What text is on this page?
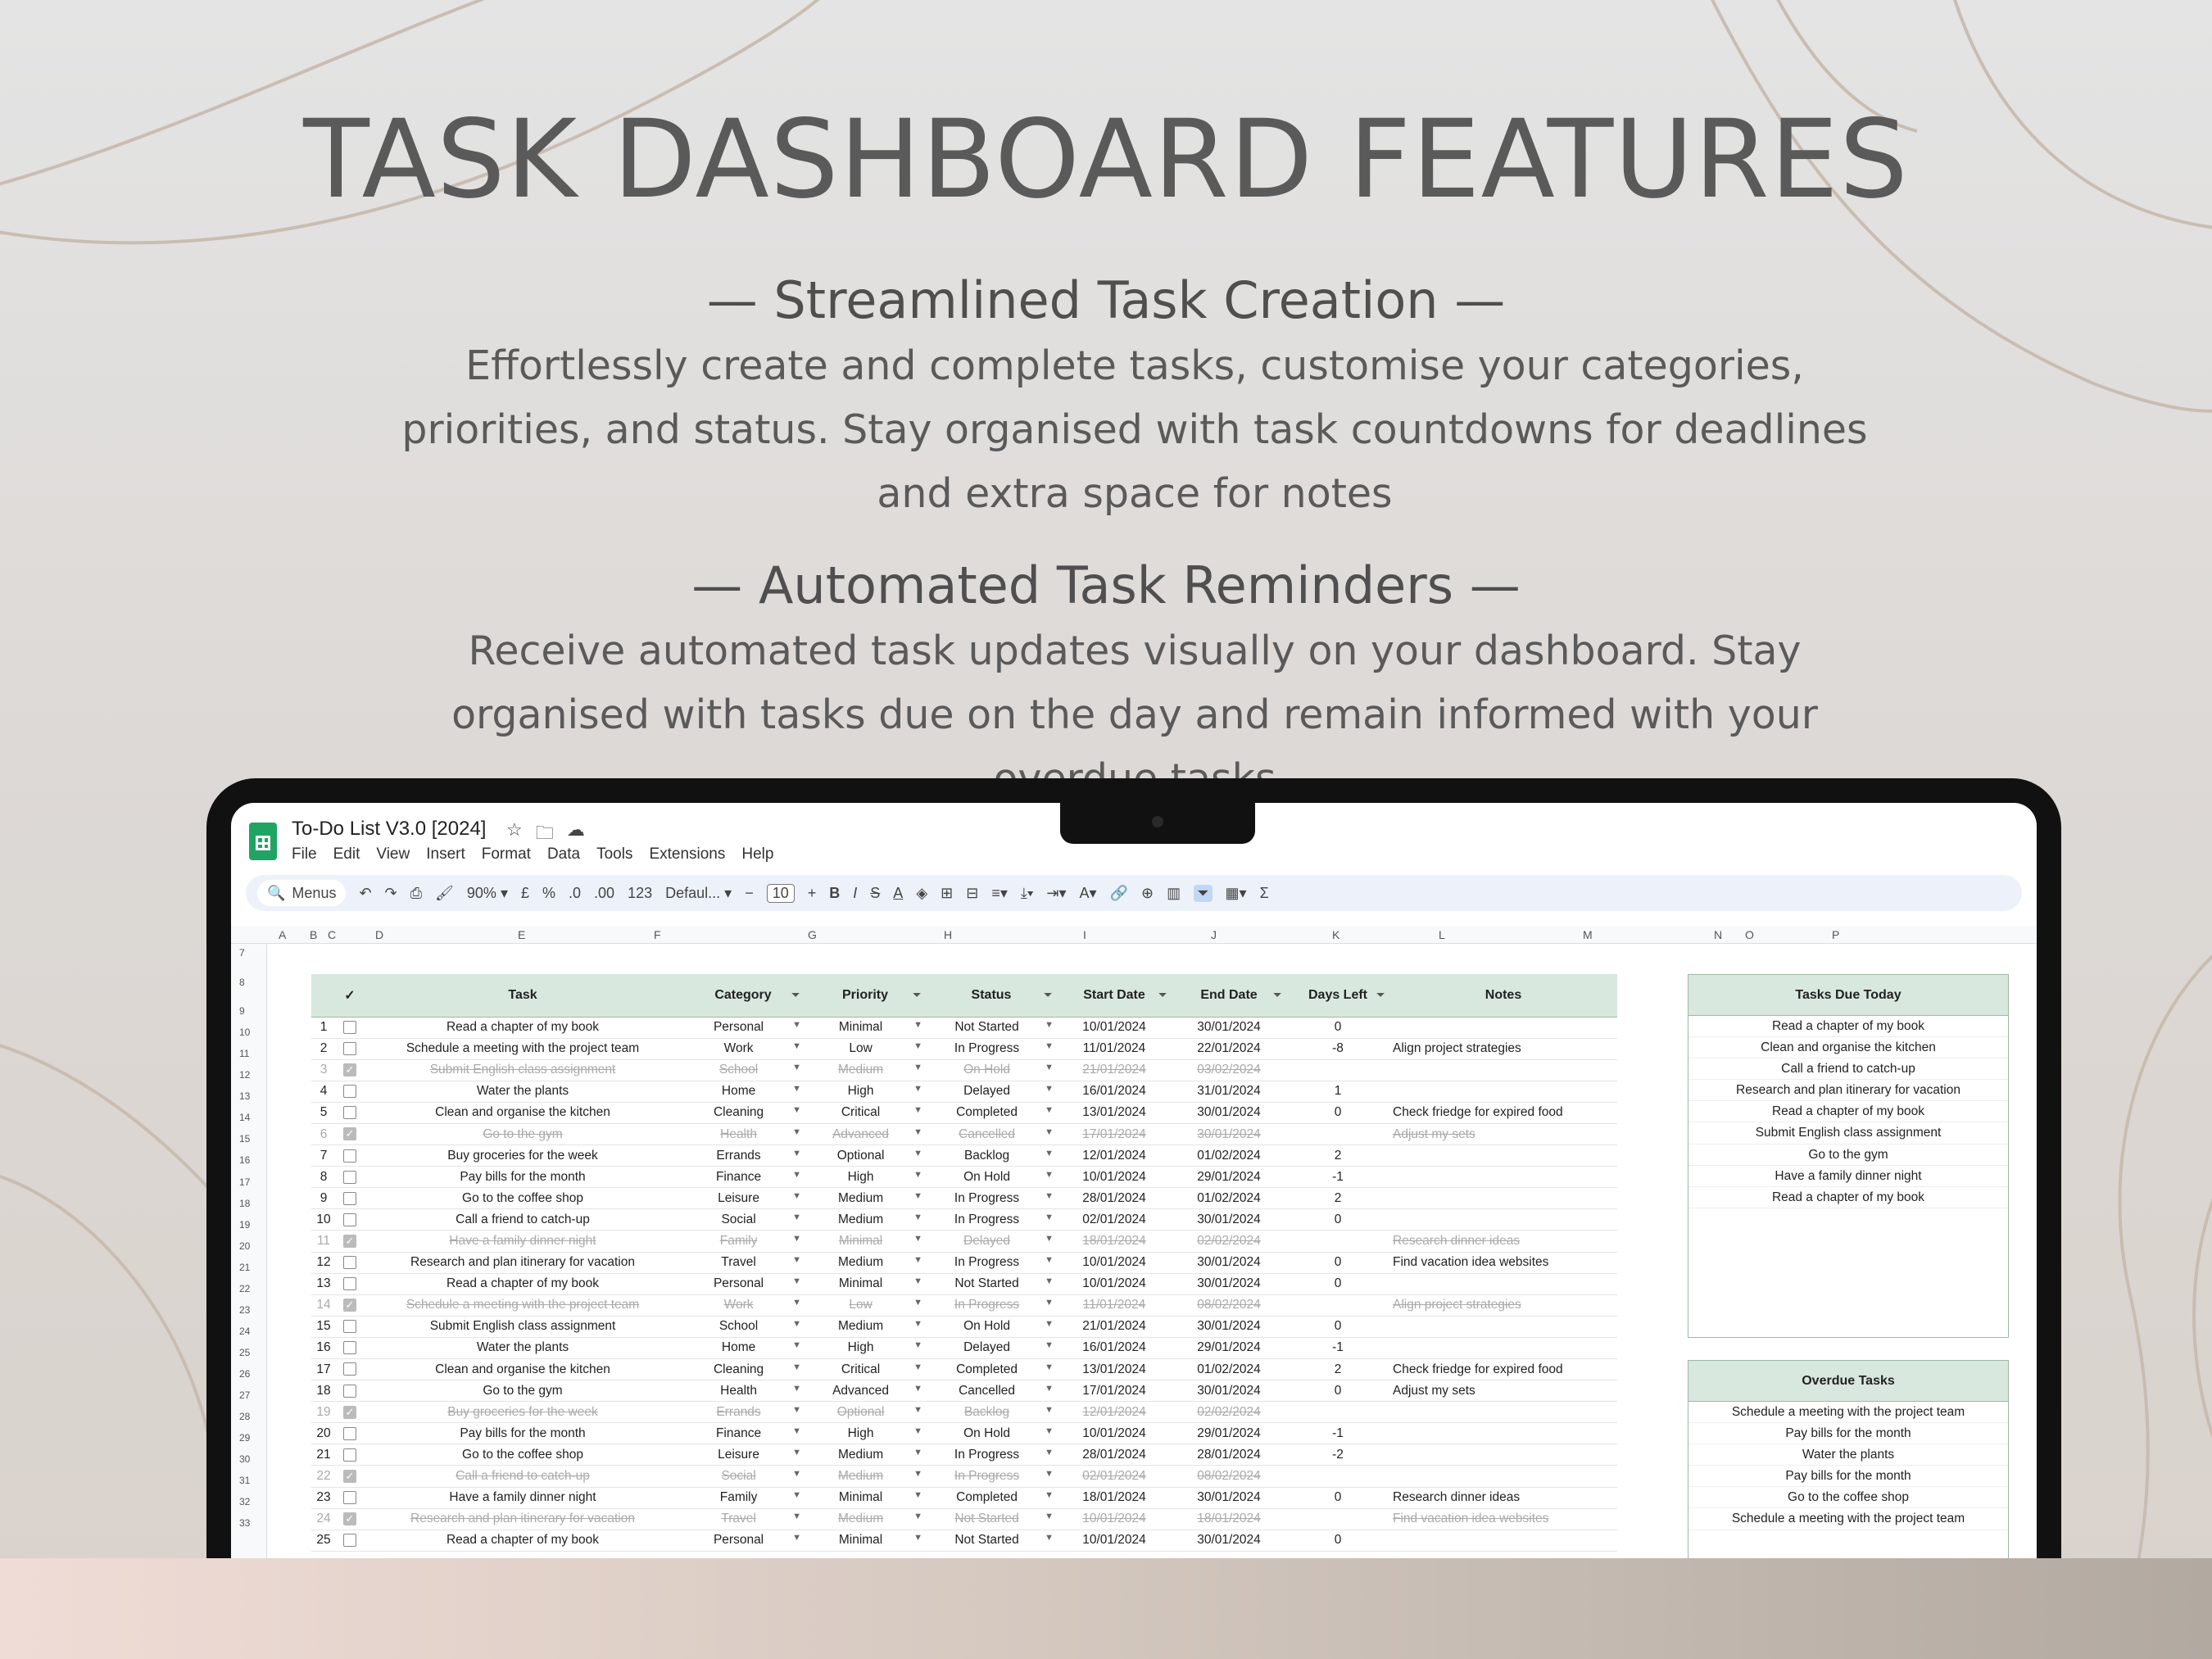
TASK DASHBOARD FEATURES
— Streamlined Task Creation —
Effortlessly create and complete tasks, customise your categories, priorities, and status. Stay organised with task countdowns for deadlines and extra space for notes
— Automated Task Reminders —
Receive automated task updates visually on your dashboard. Stay organised with tasks due on the day and remain informed with your
To-Do List V3.0 [2024] ☆ 🗀 ☁
File Edit View Insert Format Data Tools Extensions Help
🔍 Menus ↶ ↷ ⎙ 🖌 90% ▾ £ % .0 .00 123 Defaul... ▾ −	10	+ B I S A ◈ ⊞ ⊟ ≡▾ ⤓▾ ⇥▾ A▾ 🔗 ⊕ ▥ ⏷ ▦▾ Σ
A B C	D	E	F	G	H	I	J	K	L	M	N O	P
7
8
9
10
11
12
13
14
15
16
17
18
19
20
21
22
23
24
25
26
27
28
29
30
31
32
33
	✓	Task	Category ⏷	Priority ⏷	Status ⏷	Start Date ⏷	End Date ⏷	Days Left ⏷	Notes
1		Read a chapter of my book	Personal ▼	Minimal ▼	Not Started ▼	10/01/2024	30/01/2024	0	
2		Schedule a meeting with the project team	Work ▼	Low ▼	In Progress ▼	11/01/2024	22/01/2024	-8	Align project strategies
3	✓	Submit English class assignment	School ▼	Medium ▼	On Hold ▼	21/01/2024	03/02/2024		
4		Water the plants	Home ▼	High ▼	Delayed ▼	16/01/2024	31/01/2024	1	
5		Clean and organise the kitchen	Cleaning ▼	Critical ▼	Completed ▼	13/01/2024	30/01/2024	0	Check friedge for expired food
6	✓	Go to the gym	Health ▼	Advanced ▼	Cancelled ▼	17/01/2024	30/01/2024		Adjust my sets
7		Buy groceries for the week	Errands ▼	Optional ▼	Backlog ▼	12/01/2024	01/02/2024	2	
8		Pay bills for the month	Finance ▼	High ▼	On Hold ▼	10/01/2024	29/01/2024	-1	
9		Go to the coffee shop	Leisure ▼	Medium ▼	In Progress ▼	28/01/2024	01/02/2024	2	
10		Call a friend to catch-up	Social ▼	Medium ▼	In Progress ▼	02/01/2024	30/01/2024	0	
11	✓	Have a family dinner night	Family ▼	Minimal ▼	Delayed ▼	18/01/2024	02/02/2024		Research dinner ideas
12		Research and plan itinerary for vacation	Travel ▼	Medium ▼	In Progress ▼	10/01/2024	30/01/2024	0	Find vacation idea websites
13		Read a chapter of my book	Personal ▼	Minimal ▼	Not Started ▼	10/01/2024	30/01/2024	0	
14	✓	Schedule a meeting with the project team	Work ▼	Low ▼	In Progress ▼	11/01/2024	08/02/2024		Align project strategies
15		Submit English class assignment	School ▼	Medium ▼	On Hold ▼	21/01/2024	30/01/2024	0	
16		Water the plants	Home ▼	High ▼	Delayed ▼	16/01/2024	29/01/2024	-1	
17		Clean and organise the kitchen	Cleaning ▼	Critical ▼	Completed ▼	13/01/2024	01/02/2024	2	Check friedge for expired food
18		Go to the gym	Health ▼	Advanced ▼	Cancelled ▼	17/01/2024	30/01/2024	0	Adjust my sets
19	✓	Buy groceries for the week	Errands ▼	Optional ▼	Backlog ▼	12/01/2024	02/02/2024		
20		Pay bills for the month	Finance ▼	High ▼	On Hold ▼	10/01/2024	29/01/2024	-1	
21		Go to the coffee shop	Leisure ▼	Medium ▼	In Progress ▼	28/01/2024	28/01/2024	-2	
22	✓	Call a friend to catch-up	Social ▼	Medium ▼	In Progress ▼	02/01/2024	08/02/2024		
23		Have a family dinner night	Family ▼	Minimal ▼	Completed ▼	18/01/2024	30/01/2024	0	Research dinner ideas
24	✓	Research and plan itinerary for vacation	Travel ▼	Medium ▼	Not Started ▼	10/01/2024	18/01/2024		Find vacation idea websites
25		Read a chapter of my book	Personal ▼	Minimal ▼	Not Started ▼	10/01/2024	30/01/2024	0	
Tasks Due Today
Read a chapter of my book
Clean and organise the kitchen
Call a friend to catch-up
Research and plan itinerary for vacation
Read a chapter of my book
Submit English class assignment
Go to the gym
Have a family dinner night
Read a chapter of my book
Overdue Tasks
Schedule a meeting with the project team
Pay bills for the month
Water the plants
Pay bills for the month
Go to the coffee shop
Schedule a meeting with the project team
